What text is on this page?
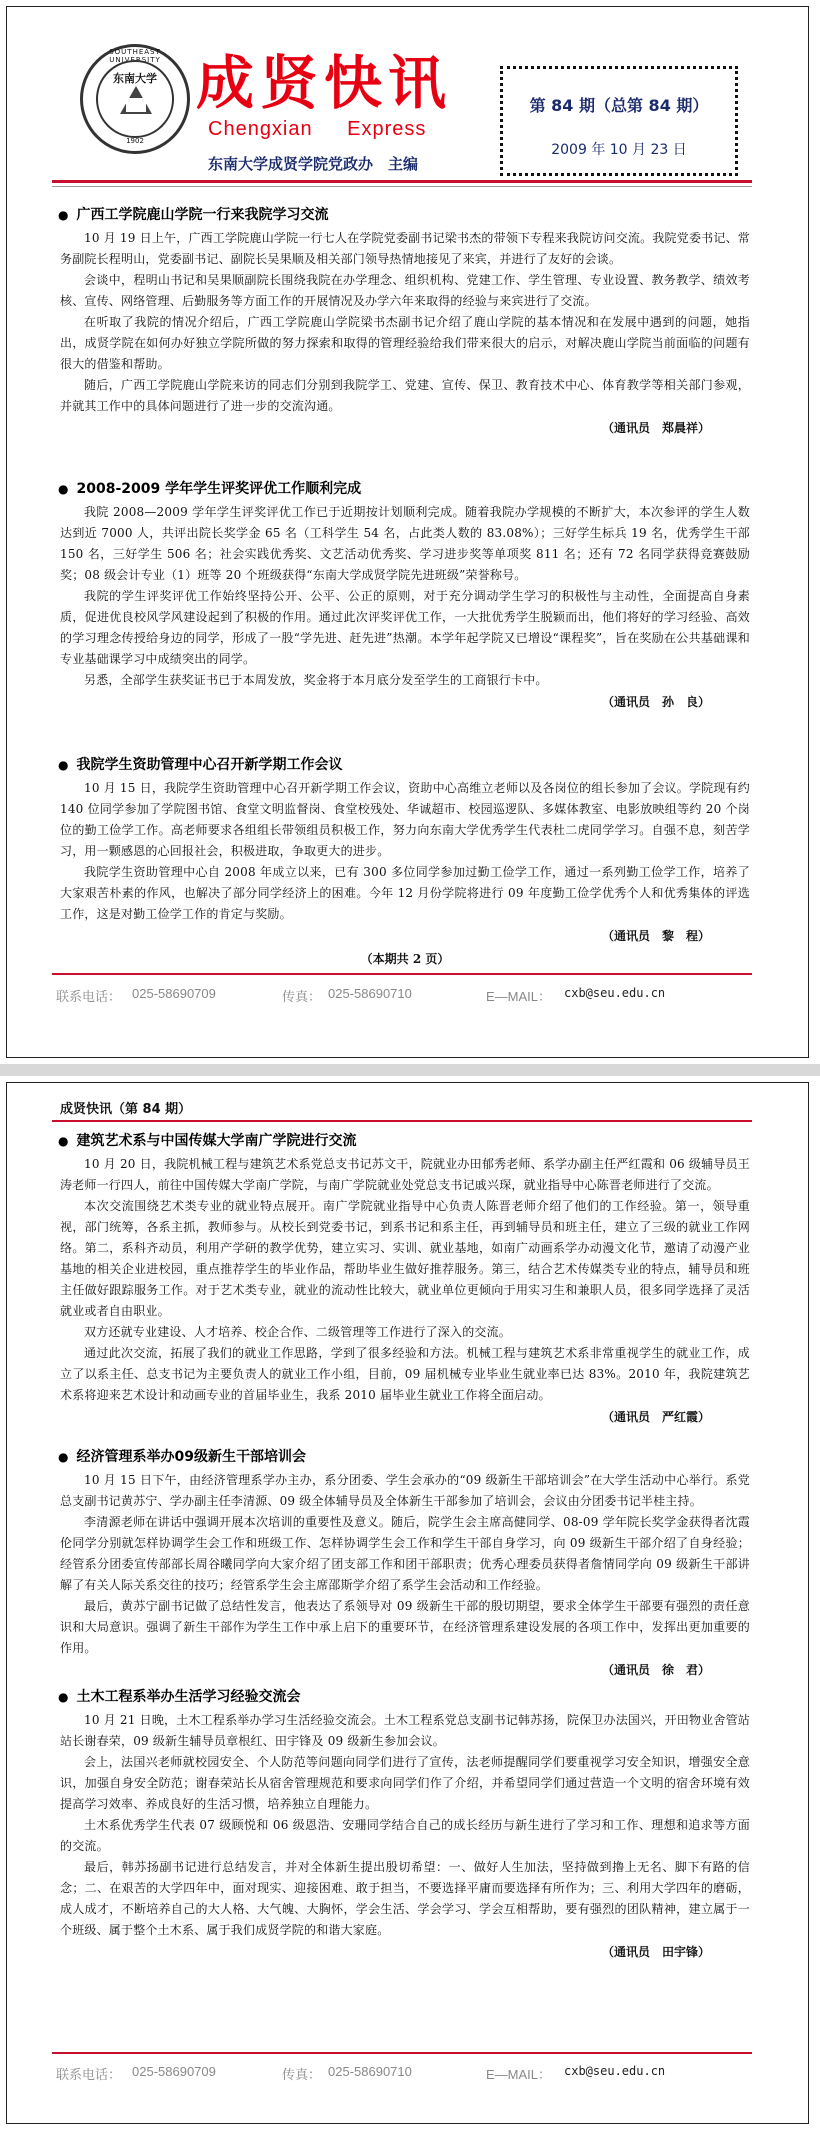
SOUTHEAST UNIVERSITY
东南大学
1902
成贤快讯
Chengxian Express
东南大学成贤学院党政办　主编
第 84 期（总第 84 期）
2009 年 10 月 23 日
● 广西工学院鹿山学院一行来我院学习交流

10 月 19 日上午，广西工学院鹿山学院一行七人在学院党委副书记梁书杰的带领下专程来我院访问交流。我院党委书记、常务副院长程明山，党委副书记、副院长吴果顺及相关部门领导热情地接见了来宾，并进行了友好的会谈。

会谈中，程明山书记和吴果顺副院长围绕我院在办学理念、组织机构、党建工作、学生管理、专业设置、教务教学、绩效考核、宣传、网络管理、后勤服务等方面工作的开展情况及办学六年来取得的经验与来宾进行了交流。

在听取了我院的情况介绍后，广西工学院鹿山学院梁书杰副书记介绍了鹿山学院的基本情况和在发展中遇到的问题，她指出，成贤学院在如何办好独立学院所做的努力探索和取得的管理经验给我们带来很大的启示，对解决鹿山学院当前面临的问题有很大的借鉴和帮助。

随后，广西工学院鹿山学院来访的同志们分别到我院学工、党建、宣传、保卫、教育技术中心、体育教学等相关部门参观，并就其工作中的具体问题进行了进一步的交流沟通。

（通讯员　郑晨祥）
● 2008-2009 学年学生评奖评优工作顺利完成

我院 2008—2009 学年学生评奖评优工作已于近期按计划顺利完成。随着我院办学规模的不断扩大，本次参评的学生人数达到近 7000 人，共评出院长奖学金 65 名（工科学生 54 名，占此类人数的 83.08%）；三好学生标兵 19 名，优秀学生干部 150 名，三好学生 506 名；社会实践优秀奖、文艺活动优秀奖、学习进步奖等单项奖 811 名；还有 72 名同学获得竞赛鼓励奖；08 级会计专业（1）班等 20 个班级获得“东南大学成贤学院先进班级”荣誉称号。

我院的学生评奖评优工作始终坚持公开、公平、公正的原则，对于充分调动学生学习的积极性与主动性，全面提高自身素质，促进优良校风学风建设起到了积极的作用。通过此次评奖评优工作，一大批优秀学生脱颖而出，他们将好的学习经验、高效的学习理念传授给身边的同学，形成了一股“学先进、赶先进”热潮。本学年起学院又已增设“课程奖”，旨在奖励在公共基础课和专业基础课学习中成绩突出的同学。

另悉，全部学生获奖证书已于本周发放，奖金将于本月底分发至学生的工商银行卡中。

（通讯员　孙　良）
● 我院学生资助管理中心召开新学期工作会议

10 月 15 日，我院学生资助管理中心召开新学期工作会议，资助中心高维立老师以及各岗位的组长参加了会议。学院现有约 140 位同学参加了学院图书馆、食堂文明监督岗、食堂校残处、华诚超市、校园巡逻队、多媒体教室、电影放映组等约 20 个岗位的勤工俭学工作。高老师要求各组组长带领组员积极工作，努力向东南大学优秀学生代表杜二虎同学学习。自强不息，刻苦学习，用一颗感恩的心回报社会，积极进取，争取更大的进步。

我院学生资助管理中心自 2008 年成立以来，已有 300 多位同学参加过勤工俭学工作，通过一系列勤工俭学工作，培养了大家艰苦朴素的作风，也解决了部分同学经济上的困难。今年 12 月份学院将进行 09 年度勤工俭学优秀个人和优秀集体的评选工作，这是对勤工俭学工作的肯定与奖励。

（通讯员　黎　程）
（本期共 2 页）
联系电话： 025-58690709	传真： 025-58690710	E—MAIL： cxb@seu.edu.cn
成贤快讯（第 84 期）
● 建筑艺术系与中国传媒大学南广学院进行交流

10 月 20 日，我院机械工程与建筑艺术系党总支书记苏文干，院就业办田郁秀老师、系学办副主任严红霞和 06 级辅导员王涛老师一行四人，前往中国传媒大学南广学院，与南广学院就业处党总支书记戚兴琛，就业指导中心陈晋老师进行了交流。

本次交流围绕艺术类专业的就业特点展开。南广学院就业指导中心负责人陈晋老师介绍了他们的工作经验。第一，领导重视，部门统筹，各系主抓，教师参与。从校长到党委书记，到系书记和系主任，再到辅导员和班主任，建立了三级的就业工作网络。第二，系科齐动员，利用产学研的教学优势，建立实习、实训、就业基地，如南广动画系学办动漫文化节，邀请了动漫产业基地的相关企业进校园，重点推荐学生的毕业作品，帮助毕业生做好推荐服务。第三，结合艺术传媒类专业的特点，辅导员和班主任做好跟踪服务工作。对于艺术类专业，就业的流动性比较大，就业单位更倾向于用实习生和兼职人员，很多同学选择了灵活就业或者自由职业。

双方还就专业建设、人才培养、校企合作、二级管理等工作进行了深入的交流。

通过此次交流，拓展了我们的就业工作思路，学到了很多经验和方法。机械工程与建筑艺术系非常重视学生的就业工作，成立了以系主任、总支书记为主要负责人的就业工作小组，目前，09 届机械专业毕业生就业率已达 83%。2010 年，我院建筑艺术系将迎来艺术设计和动画专业的首届毕业生，我系 2010 届毕业生就业工作将全面启动。

（通讯员　严红霞）
● 经济管理系举办09级新生干部培训会

10 月 15 日下午，由经济管理系学办主办，系分团委、学生会承办的“09 级新生干部培训会”在大学生活动中心举行。系党总支副书记黄苏宁、学办副主任李清源、09 级全体辅导员及全体新生干部参加了培训会，会议由分团委书记半桂主持。

李清源老师在讲话中强调开展本次培训的重要性及意义。随后，院学生会主席高健同学、08-09 学年院长奖学金获得者沈霞伦同学分别就怎样协调学生会工作和班级工作、怎样协调学生会工作和学生干部自身学习，向 09 级新生干部介绍了自身经验；经管系分团委宣传部部长周谷曦同学向大家介绍了团支部工作和团干部职责；优秀心理委员获得者詹情同学向 09 级新生干部讲解了有关人际关系交往的技巧；经管系学生会主席邵斯学介绍了系学生会活动和工作经验。

最后，黄苏宁副书记做了总结性发言，他表达了系领导对 09 级新生干部的殷切期望，要求全体学生干部要有强烈的责任意识和大局意识。强调了新生干部作为学生工作中承上启下的重要环节，在经济管理系建设发展的各项工作中，发挥出更加重要的作用。

（通讯员　徐　君）
● 土木工程系举办生活学习经验交流会

10 月 21 日晚，土木工程系举办学习生活经验交流会。土木工程系党总支副书记韩苏扬，院保卫办法国兴，开田物业舍管站站长谢春荣，09 级新生辅导员章根红、田宇锋及 09 级新生参加会议。

会上，法国兴老师就校园安全、个人防范等问题向同学们进行了宣传，法老师提醒同学们要重视学习安全知识，增强安全意识，加强自身安全防范；谢春荣站长从宿舍管理规范和要求向同学们作了介绍，并希望同学们通过营造一个文明的宿舍环境有效提高学习效率、养成良好的生活习惯，培养独立自理能力。

土木系优秀学生代表 07 级顾悦和 06 级恩浩、安珊同学结合自己的成长经历与新生进行了学习和工作、理想和追求等方面的交流。

最后，韩苏扬副书记进行总结发言，并对全体新生提出殷切希望：一、做好人生加法，坚持做到撸上无名、脚下有路的信念；二、在艰苦的大学四年中，面对现实、迎接困难、敢于担当，不要选择平庸而要选择有所作为；三、利用大学四年的磨砺，成人成才，不断培养自己的大人格、大气魄、大胸怀，学会生活、学会学习、学会互相帮助，要有强烈的团队精神，建立属于一个班级、属于整个土木系、属于我们成贤学院的和谐大家庭。

（通讯员　田宇锋）
联系电话： 025-58690709	传真： 025-58690710	E—MAIL： cxb@seu.edu.cn
